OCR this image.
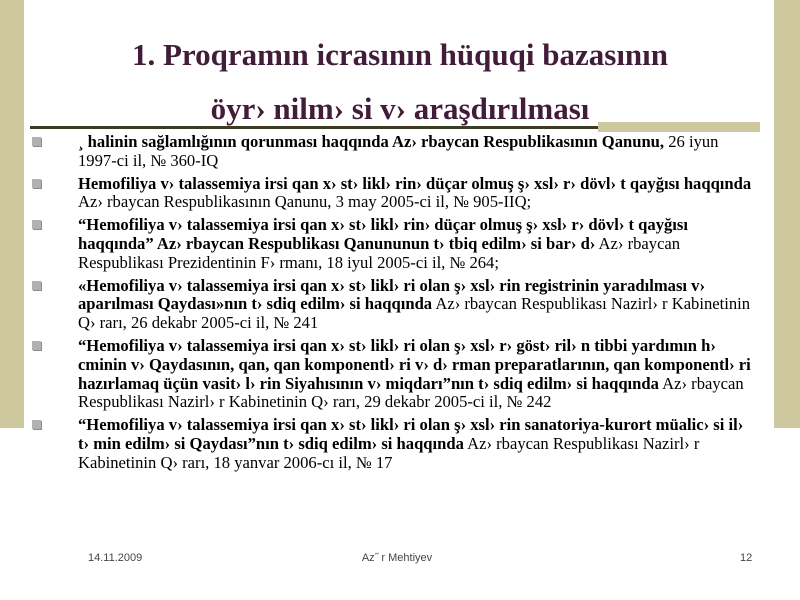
1. Proqramın icrasının hüquqi bazasının
öyr› nilm› si v› araşdırılması
¸ halinin sağlamlığının qorunması haqqında Az› rbaycan Respublikasının Qanunu, 26 iyun 1997-ci il, № 360-IQ
Hemofiliya v› talassemiya irsi qan x› st› likl› rin› düçar olmuş ş› xsl› r› dövl› t qayğısı haqqında Az› rbaycan Respublikasının Qanunu, 3 may 2005-ci il, № 905-IIQ;
“Hemofiliya v› talassemiya irsi qan x› st› likl› rin› düçar olmuş ş› xsl› r› dövl› t qayğısı haqqında” Az› rbaycan Respublikası Qanununun t› tbiq edilm› si bar› d› Az› rbaycan Respublikası Prezidentinin F› rmanı, 18 iyul 2005-ci il, № 264;
«Hemofiliya v› talassemiya irsi qan x› st› likl› ri olan ş› xsl› rin registrinin yaradılması v› aparılması Qaydası»nın t› sdiq edilm› si haqqında Az› rbaycan Respublikası Nazirl› r Kabinetinin Q› rarı, 26 dekabr 2005-ci il, № 241
“Hemofiliya v› talassemiya irsi qan x› st› likl› ri olan ş› xsl› r› göst› ril› n tibbi yardımın h› cminin v› Qaydasının, qan, qan komponentl› ri v› d› rman preparatlarının, qan komponentl› ri hazırlamaq üçün vasit› l› rin Siyahısının v› miqdarı”nın t› sdiq edilm› si haqqında Az› rbaycan Respublikası Nazirl› r Kabinetinin Q› rarı, 29 dekabr 2005-ci il, № 242
“Hemofiliya v› talassemiya irsi qan x› st› likl› ri olan ş› xsl› rin sanatoriya-kurort müalic› si il› t› min edilm› si Qaydası”nın t› sdiq edilm› si haqqında Az› rbaycan Respublikası Nazirl› r Kabinetinin Q› rarı, 18 yanvar 2006-cı il, № 17
14.11.2009	Az˝ r Mehtiyev	12
